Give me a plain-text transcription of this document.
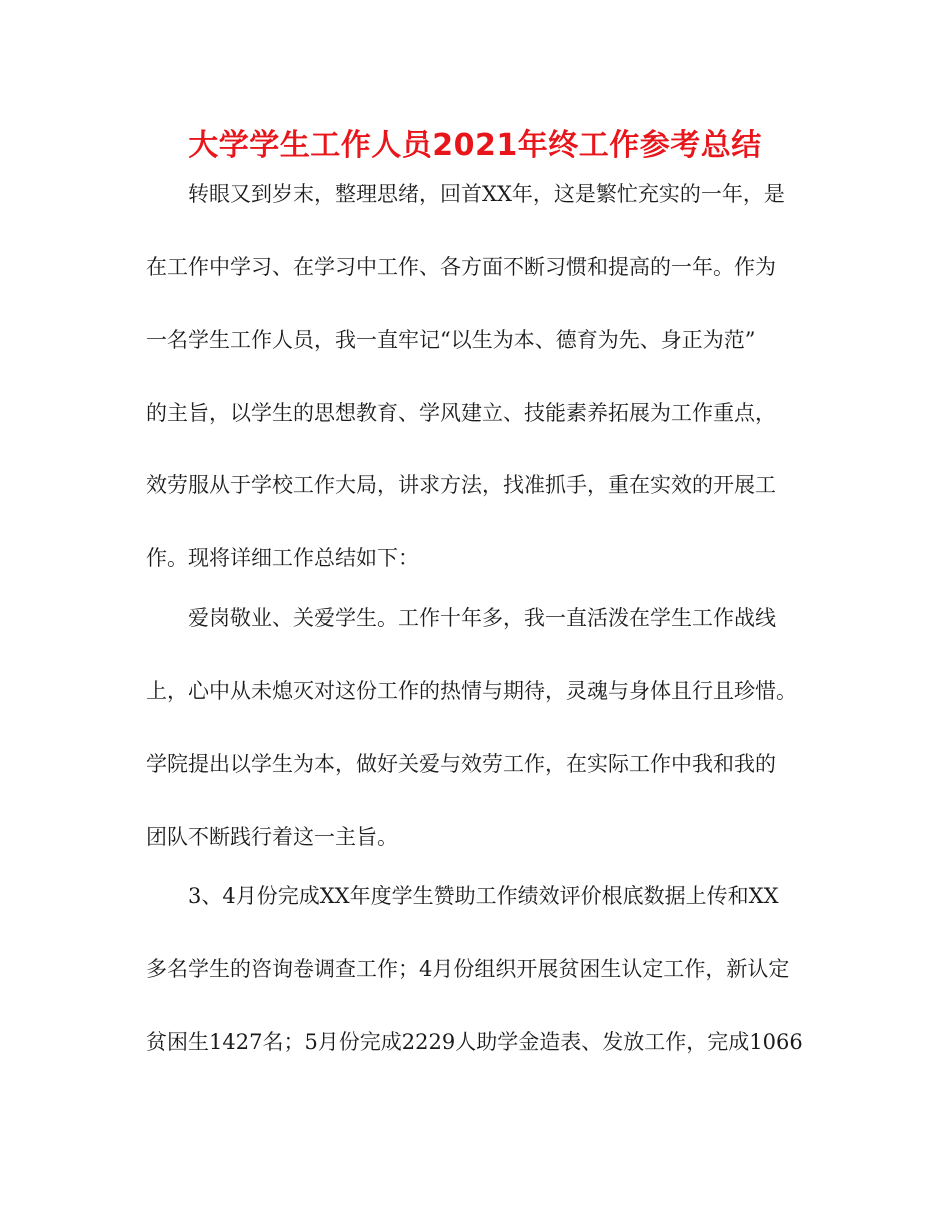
大学学生工作人员2021年终工作参考总结

转眼又到岁末，整理思绪，回首XX年，这是繁忙充实的一年，是

在工作中学习、在学习中工作、各方面不断习惯和提高的一年。作为

一名学生工作人员，我一直牢记“以生为本、德育为先、身正为范”

的主旨，以学生的思想教育、学风建立、技能素养拓展为工作重点，

效劳服从于学校工作大局，讲求方法，找准抓手，重在实效的开展工

作。现将详细工作总结如下：

爱岗敬业、关爱学生。工作十年多，我一直活泼在学生工作战线

上，心中从未熄灭对这份工作的热情与期待，灵魂与身体且行且珍惜。

学院提出以学生为本，做好关爱与效劳工作，在实际工作中我和我的

团队不断践行着这一主旨。

3、4月份完成XX年度学生赞助工作绩效评价根底数据上传和XX

多名学生的咨询卷调查工作；4月份组织开展贫困生认定工作，新认定

贫困生1427名；5月份完成2229人助学金造表、发放工作，完成1066
